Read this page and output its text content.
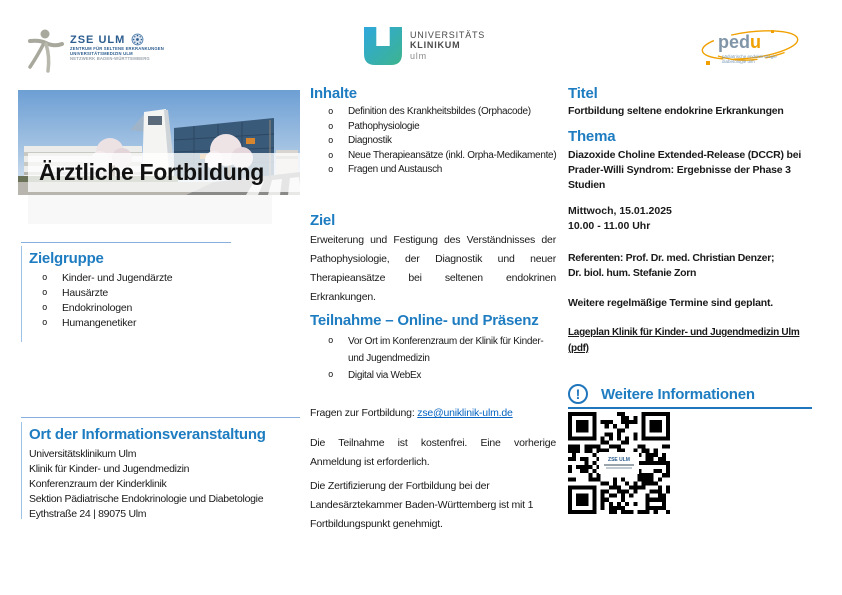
ZSE ULM
ZENTRUM FÜR SELTENE ERKRANKUNGEN
UNIVERSITÄTSMEDIZIN ULM
NETZWERK BADEN-WÜRTTEMBERG
UNIVERSITÄTS
KLINIKUM
ulm
pedu
pädiatrische endokrinologie
diabetologie ulm
Ärztliche Fortbildung
Zielgruppe
o	Kinder- und Jugendärzte
o	Hausärzte
o	Endokrinologen
o	Humangenetiker
Ort der Informationsveranstaltung
Universitätsklinikum Ulm
Klinik für Kinder- und Jugendmedizin
Konferenzraum der Kinderklinik
Sektion Pädiatrische Endokrinologie und Diabetologie
Eythstraße 24 | 89075 Ulm
Inhalte
o	Definition des Krankheitsbildes (Orphacode)
o	Pathophysiologie
o	Diagnostik
o	Neue Therapieansätze (inkl. Orpha-Medikamente)
o	Fragen und Austausch
Ziel
Erweiterung und Festigung des Verständnisses der Pathophysiologie, der Diagnostik und neuer Therapieansätze bei seltenen endokrinen Erkrankungen.
Teilnahme – Online- und Präsenz
o	Vor Ort im Konferenzraum der Klinik für Kinder- und Jugendmedizin
o	Digital via WebEx
Fragen zur Fortbildung: zse@uniklinik-ulm.de
Die Teilnahme ist kostenfrei. Eine vorherige Anmeldung ist erforderlich.
Die Zertifizierung der Fortbildung bei der Landesärztekammer Baden-Württemberg ist mit 1 Fortbildungspunkt genehmigt.
Titel
Fortbildung seltene endokrine Erkrankungen
Thema
Diazoxide Choline Extended-Release (DCCR) bei Prader-Willi Syndrom: Ergebnisse der Phase 3 Studien
Mittwoch, 15.01.2025
10.00 - 11.00 Uhr
Referenten: Prof. Dr. med. Christian Denzer;
Dr. biol. hum. Stefanie Zorn
Weitere regelmäßige Termine sind geplant.
Lageplan Klinik für Kinder- und Jugendmedizin Ulm
(pdf)
!	Weitere Informationen
ZSE ULM
